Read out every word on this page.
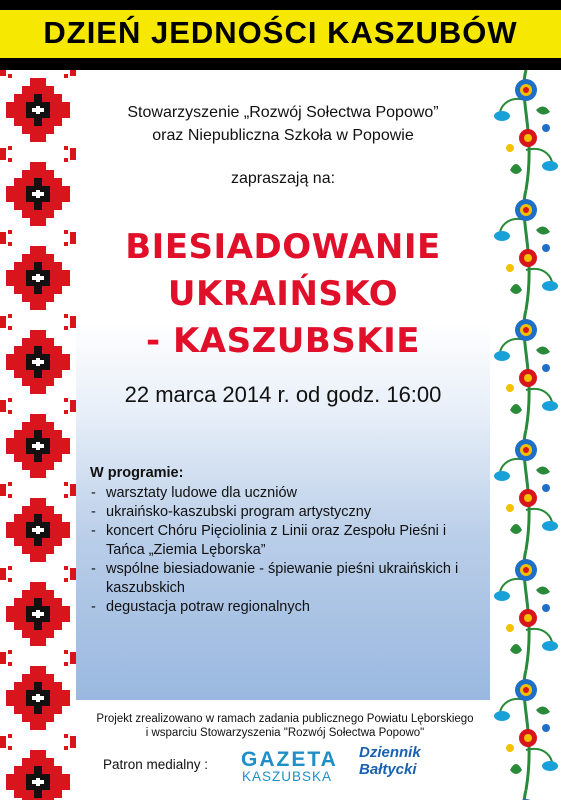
DZIEŃ JEDNOŚCI KASZUBÓW
Stowarzyszenie „Rozwój Sołectwa Popowo”
oraz Niepubliczna Szkoła w Popowie
zapraszają na:
BIESIADOWANIE
UKRAIŃSKO
- KASZUBSKIE
22 marca 2014 r. od godz. 16:00
W programie:
- warsztaty ludowe dla uczniów
- ukraińsko-kaszubski program artystyczny
- koncert Chóru Pięciolinia z Linii oraz Zespołu Pieśni i Tańca „Ziemia Lęborska”
- wspólne biesiadowanie - śpiewanie pieśni ukraińskich i kaszubskich
- degustacja potraw regionalnych
Projekt zrealizowano w ramach zadania publicznego Powiatu Lęborskiego
i wsparciu Stowarzyszenia "Rozwój Sołectwa Popowo"
Patron medialny : GAZETA
KASZUBSKA
Dziennik
Bałtycki
